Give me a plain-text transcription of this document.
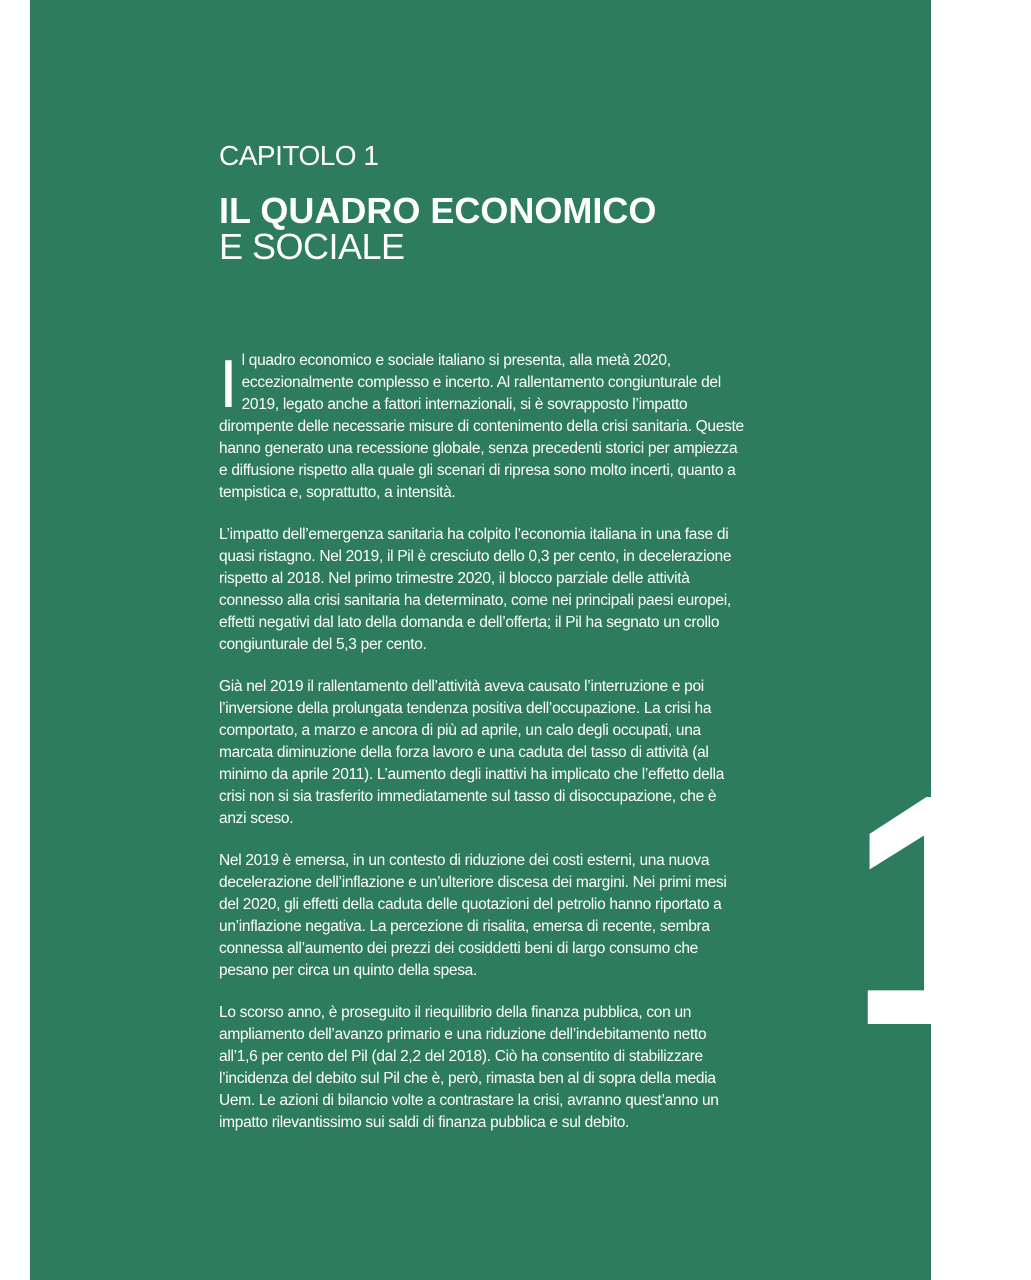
CAPITOLO 1
IL QUADRO ECONOMICO
E SOCIALE

Il quadro economico e sociale italiano si presenta, alla metà 2020, eccezionalmente complesso e incerto. Al rallentamento congiunturale del 2019, legato anche a fattori internazionali, si è sovrapposto l’impatto dirompente delle necessarie misure di contenimento della crisi sanitaria. Queste hanno generato una recessione globale, senza precedenti storici per ampiezza e diffusione rispetto alla quale gli scenari di ripresa sono molto incerti, quanto a tempistica e, soprattutto, a intensità.

L’impatto dell’emergenza sanitaria ha colpito l’economia italiana in una fase di quasi ristagno. Nel 2019, il Pil è cresciuto dello 0,3 per cento, in decelerazione rispetto al 2018. Nel primo trimestre 2020, il blocco parziale delle attività connesso alla crisi sanitaria ha determinato, come nei principali paesi europei, effetti negativi dal lato della domanda e dell’offerta; il Pil ha segnato un crollo congiunturale del 5,3 per cento.

Già nel 2019 il rallentamento dell’attività aveva causato l’interruzione e poi l’inversione della prolungata tendenza positiva dell’occupazione. La crisi ha comportato, a marzo e ancora di più ad aprile, un calo degli occupati, una marcata diminuzione della forza lavoro e una caduta del tasso di attività (al minimo da aprile 2011). L’aumento degli inattivi ha implicato che l’effetto della crisi non si sia trasferito immediatamente sul tasso di disoccupazione, che è anzi sceso.

Nel 2019 è emersa, in un contesto di riduzione dei costi esterni, una nuova decelerazione dell’inflazione e un’ulteriore discesa dei margini. Nei primi mesi del 2020, gli effetti della caduta delle quotazioni del petrolio hanno riportato a un’inflazione negativa. La percezione di risalita, emersa di recente, sembra connessa all’aumento dei prezzi dei cosiddetti beni di largo consumo che pesano per circa un quinto della spesa.

Lo scorso anno, è proseguito il riequilibrio della finanza pubblica, con un ampliamento dell’avanzo primario e una riduzione dell’indebitamento netto all’1,6 per cento del Pil (dal 2,2 del 2018). Ciò ha consentito di stabilizzare l’incidenza del debito sul Pil che è, però, rimasta ben al di sopra della media Uem. Le azioni di bilancio volte a contrastare la crisi, avranno quest’anno un impatto rilevantissimo sui saldi di finanza pubblica e sul debito.

1
